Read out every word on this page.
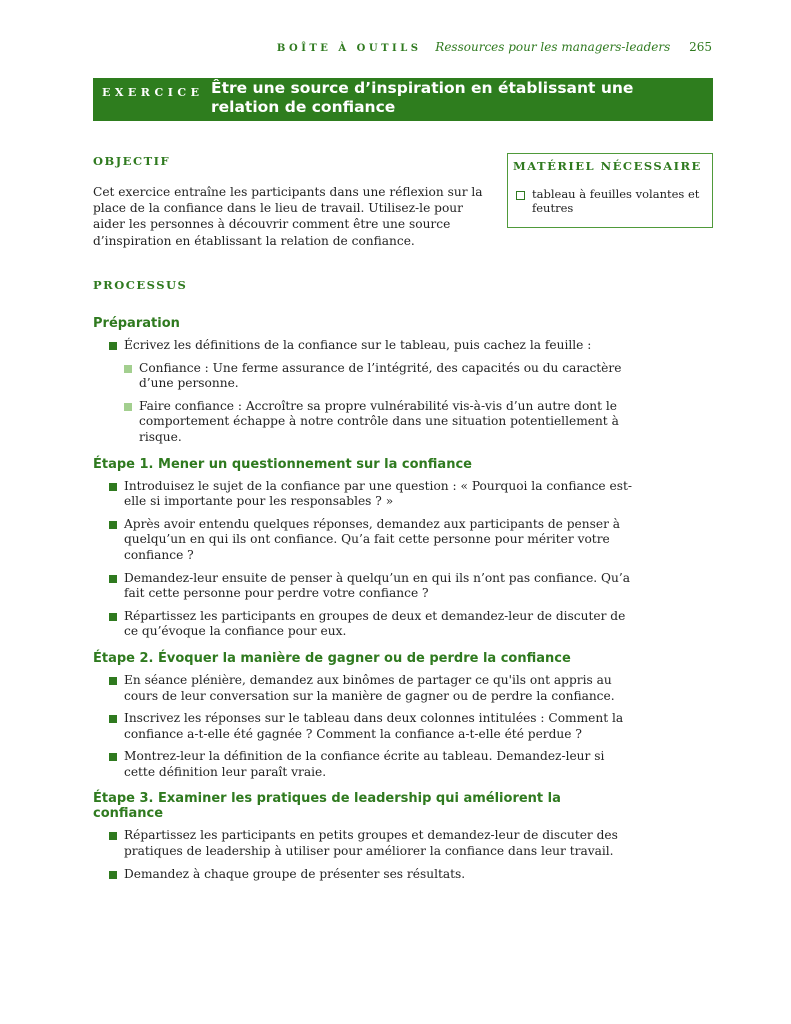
BOÎTE À OUTILS Ressources pour les managers-leaders 265
EXERCICE Être une source d’inspiration en établissant une relation de confiance
OBJECTIF

Cet exercice entraîne les participants dans une réflexion sur la place de la confiance dans le lieu de travail. Utilisez-le pour aider les personnes à découvrir comment être une source d’inspiration en établissant la relation de confiance.

MATÉRIEL NÉCESSAIRE
tableau à feuilles volantes et feutres
PROCESSUS
Préparation
Écrivez les définitions de la confiance sur le tableau, puis cachez la feuille :
Confiance : Une ferme assurance de l’intégrité, des capacités ou du caractère d’une personne.
Faire confiance : Accroître sa propre vulnérabilité vis-à-vis d’un autre dont le comportement échappe à notre contrôle dans une situation potentiellement à risque.
Étape 1. Mener un questionnement sur la confiance
Introduisez le sujet de la confiance par une question : « Pourquoi la confiance est-elle si importante pour les responsables ? »
Après avoir entendu quelques réponses, demandez aux participants de penser à quelqu’un en qui ils ont confiance. Qu’a fait cette personne pour mériter votre confiance ?
Demandez-leur ensuite de penser à quelqu’un en qui ils n’ont pas confiance. Qu’a fait cette personne pour perdre votre confiance ?
Répartissez les participants en groupes de deux et demandez-leur de discuter de ce qu’évoque la confiance pour eux.
Étape 2. Évoquer la manière de gagner ou de perdre la confiance
En séance plénière, demandez aux binômes de partager ce qu'ils ont appris au cours de leur conversation sur la manière de gagner ou de perdre la confiance.
Inscrivez les réponses sur le tableau dans deux colonnes intitulées : Comment la confiance a-t-elle été gagnée ? Comment la confiance a-t-elle été perdue ?
Montrez-leur la définition de la confiance écrite au tableau. Demandez-leur si cette définition leur paraît vraie.
Étape 3. Examiner les pratiques de leadership qui améliorent la confiance
Répartissez les participants en petits groupes et demandez-leur de discuter des pratiques de leadership à utiliser pour améliorer la confiance dans leur travail.
Demandez à chaque groupe de présenter ses résultats.
